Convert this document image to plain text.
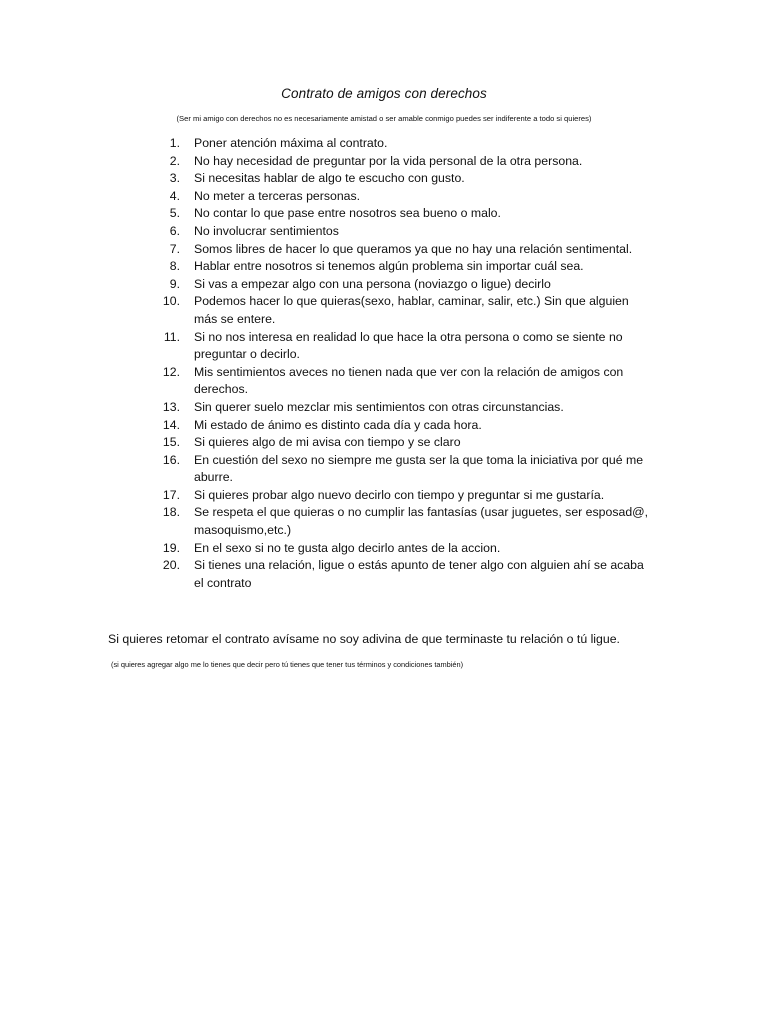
Contrato de amigos con derechos
(Ser mi amigo con derechos no es necesariamente amistad o ser amable conmigo puedes ser indiferente a todo si quieres)
1. Poner atención máxima al contrato.
2. No hay necesidad de preguntar por la vida personal de la otra persona.
3. Si necesitas hablar de algo te escucho con gusto.
4. No meter a terceras personas.
5. No contar lo que pase entre nosotros sea bueno o malo.
6. No involucrar sentimientos
7. Somos libres de hacer lo que queramos ya que no hay una relación sentimental.
8. Hablar entre nosotros si tenemos algún problema sin importar cuál sea.
9. Si vas a empezar algo con una persona (noviazgo o ligue) decirlo
10. Podemos hacer lo que quieras(sexo, hablar, caminar, salir, etc.) Sin que alguien
más se entere.
11. Si no nos interesa en realidad lo que hace la otra persona o como se siente no
preguntar o decirlo.
12. Mis sentimientos aveces no tienen nada que ver con la relación de amigos con
derechos.
13. Sin querer suelo mezclar mis sentimientos con otras circunstancias.
14. Mi estado de ánimo es distinto cada día y cada hora.
15. Si quieres algo de mi avisa con tiempo y se claro
16. En cuestión del sexo no siempre me gusta ser la que toma la iniciativa por qué me
aburre.
17. Si quieres probar algo nuevo decirlo con tiempo y preguntar si me gustaría.
18. Se respeta el que quieras o no cumplir las fantasías (usar juguetes, ser esposad@,
masoquismo,etc.)
19. En el sexo si no te gusta algo decirlo antes de la accion.
20. Si tienes una relación, ligue o estás apunto de tener algo con alguien ahí se acaba
el contrato
Si quieres retomar el contrato avísame no soy adivina de que terminaste tu relación o tú ligue.
(si quieres agregar algo me lo tienes que decir pero tú tienes que tener tus términos y condiciones también)
